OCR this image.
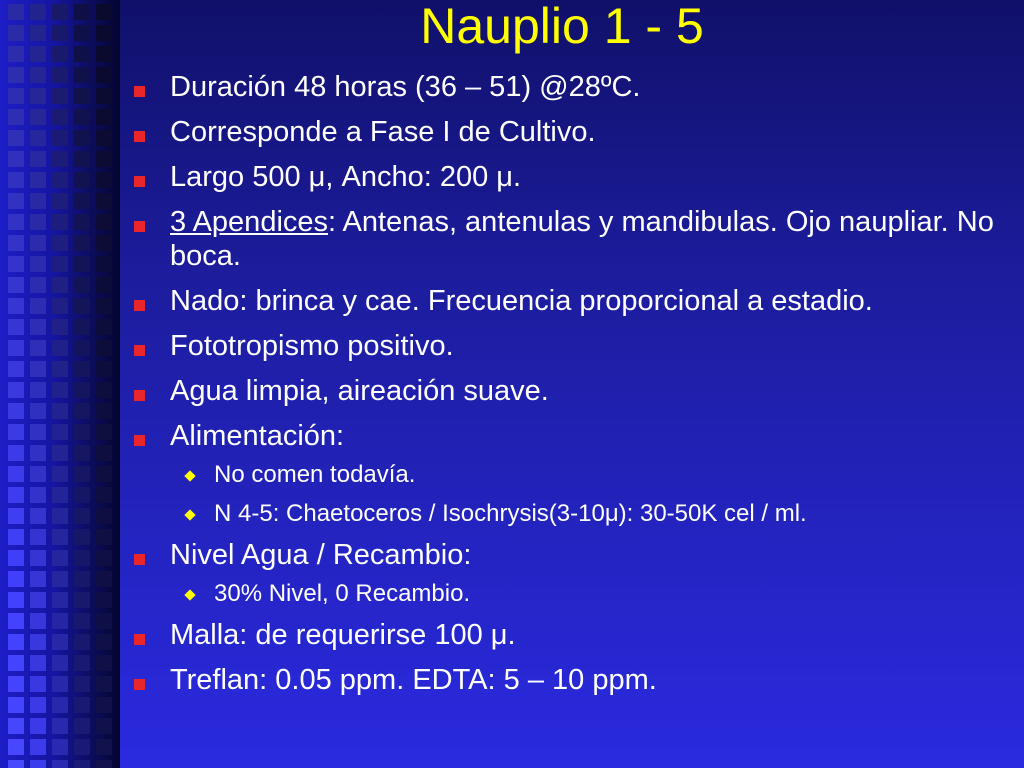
Nauplio 1 - 5
Duración 48 horas (36 – 51) @28ºC.
Corresponde a Fase I de Cultivo.
Largo 500 μ, Ancho: 200 μ.
3 Apendices: Antenas, antenulas y mandibulas. Ojo naupliar. No boca.
Nado: brinca y cae. Frecuencia proporcional a estadio.
Fototropismo positivo.
Agua limpia, aireación suave.
Alimentación:
No comen todavía.
N 4-5: Chaetoceros / Isochrysis(3-10μ): 30-50K cel / ml.
Nivel Agua / Recambio:
30% Nivel, 0 Recambio.
Malla: de requerirse 100 μ.
Treflan: 0.05 ppm. EDTA: 5 – 10 ppm.
